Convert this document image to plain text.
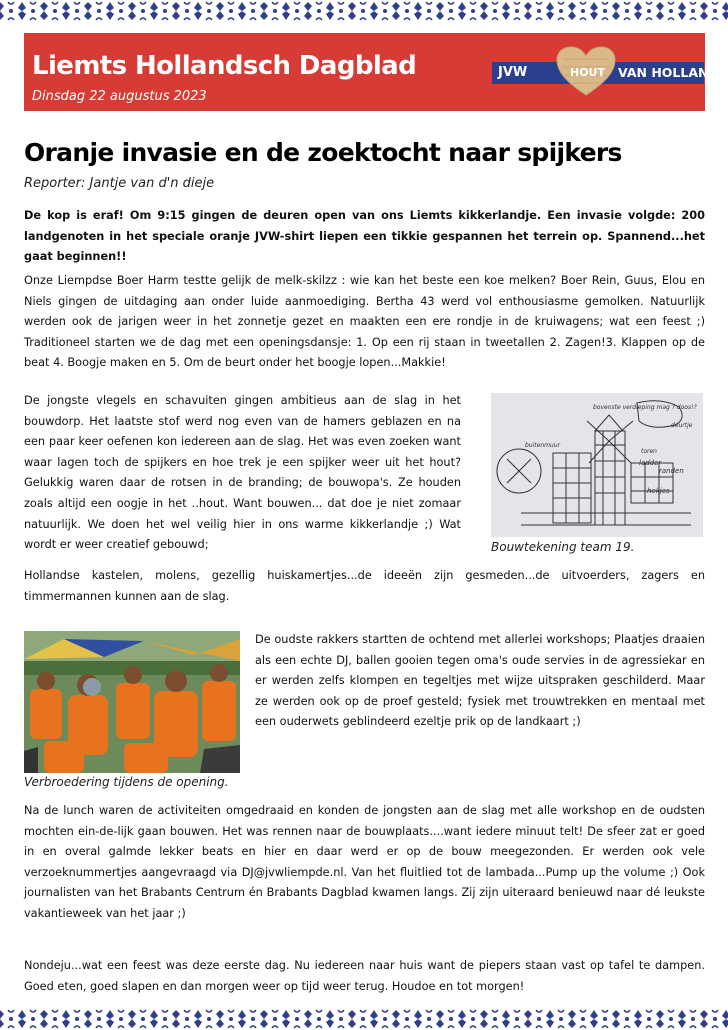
Liemts Hollandsch Dagblad
Dinsdag 22 augustus 2023
JVW	HOUT VAN HOLLAND
Oranje invasie en de zoektocht naar spijkers
Reporter: Jantje van d'n dieje

De kop is eraf! Om 9:15 gingen de deuren open van ons Liemts kikkerlandje. Een invasie volgde: 200 landgenoten in het speciale oranje JVW-shirt liepen een tikkie gespannen het terrein op. Spannend...het gaat beginnen!!

Onze Liempdse Boer Harm testte gelijk de melk-skilzz : wie kan het beste een koe melken? Boer Rein, Guus, Elou en Niels gingen de uitdaging aan onder luide aanmoediging. Bertha 43 werd vol enthousiasme gemolken. Natuurlijk werden ook de jarigen weer in het zonnetje gezet en maakten een ere rondje in de kruiwagens; wat een feest ;) Traditioneel starten we de dag met een openingsdansje: 1. Op een rij staan in tweetallen 2. Zagen!3. Klappen op de beat 4. Boogje maken en 5. Om de beurt onder het boogje lopen...Makkie!

De jongste vlegels en schavuiten gingen ambitieus aan de slag in het bouwdorp. Het laatste stof werd nog even van de hamers geblazen en na een paar keer oefenen kon iedereen aan de slag. Het was even zoeken want waar lagen toch de spijkers en hoe trek je een spijker weer uit het hout? Gelukkig waren daar de rotsen in de branding; de bouwopa's. Ze houden zoals altijd een oogje in het ..hout. Want bouwen... dat doe je niet zomaar natuurlijk. We doen het wel veilig hier in ons warme kikkerlandje ;) Wat wordt er weer creatief gebouwd;

Hollandse kastelen, molens, gezellig huiskamertjes...de ideeën zijn gesmeden...de uitvoerders, zagers en timmermannen kunnen aan de slag.

bovenste verdieping mag ? doos!?
buitenmuur
toren
ladder
randen
hekjes
deurtje
Bouwtekening team 19.
Verbroedering tijdens de opening.

De oudste rakkers startten de ochtend met allerlei workshops; Plaatjes draaien als een echte DJ, ballen gooien tegen oma's oude servies in de agressiekar en er werden zelfs klompen en tegeltjes met wijze uitspraken geschilderd. Maar ze werden ook op de proef gesteld; fysiek met trouwtrekken en mentaal met een ouderwets geblindeerd ezeltje prik op de landkaart ;)

Na de lunch waren de activiteiten omgedraaid en konden de jongsten aan de slag met alle workshop en de oudsten mochten ein-de-lijk gaan bouwen. Het was rennen naar de bouwplaats....want iedere minuut telt! De sfeer zat er goed in en overal galmde lekker beats en hier en daar werd er op de bouw meegezonden. Er werden ook vele verzoeknummertjes aangevraagd via DJ@jvwliempde.nl. Van het fluitlied tot de lambada...Pump up the volume ;) Ook journalisten van het Brabants Centrum én Brabants Dagblad kwamen langs. Zij zijn uiteraard benieuwd naar dé leukste vakantieweek van het jaar ;)

Nondeju...wat een feest was deze eerste dag. Nu iedereen naar huis want de piepers staan vast op tafel te dampen. Goed eten, goed slapen en dan morgen weer op tijd weer terug. Houdoe en tot morgen!
